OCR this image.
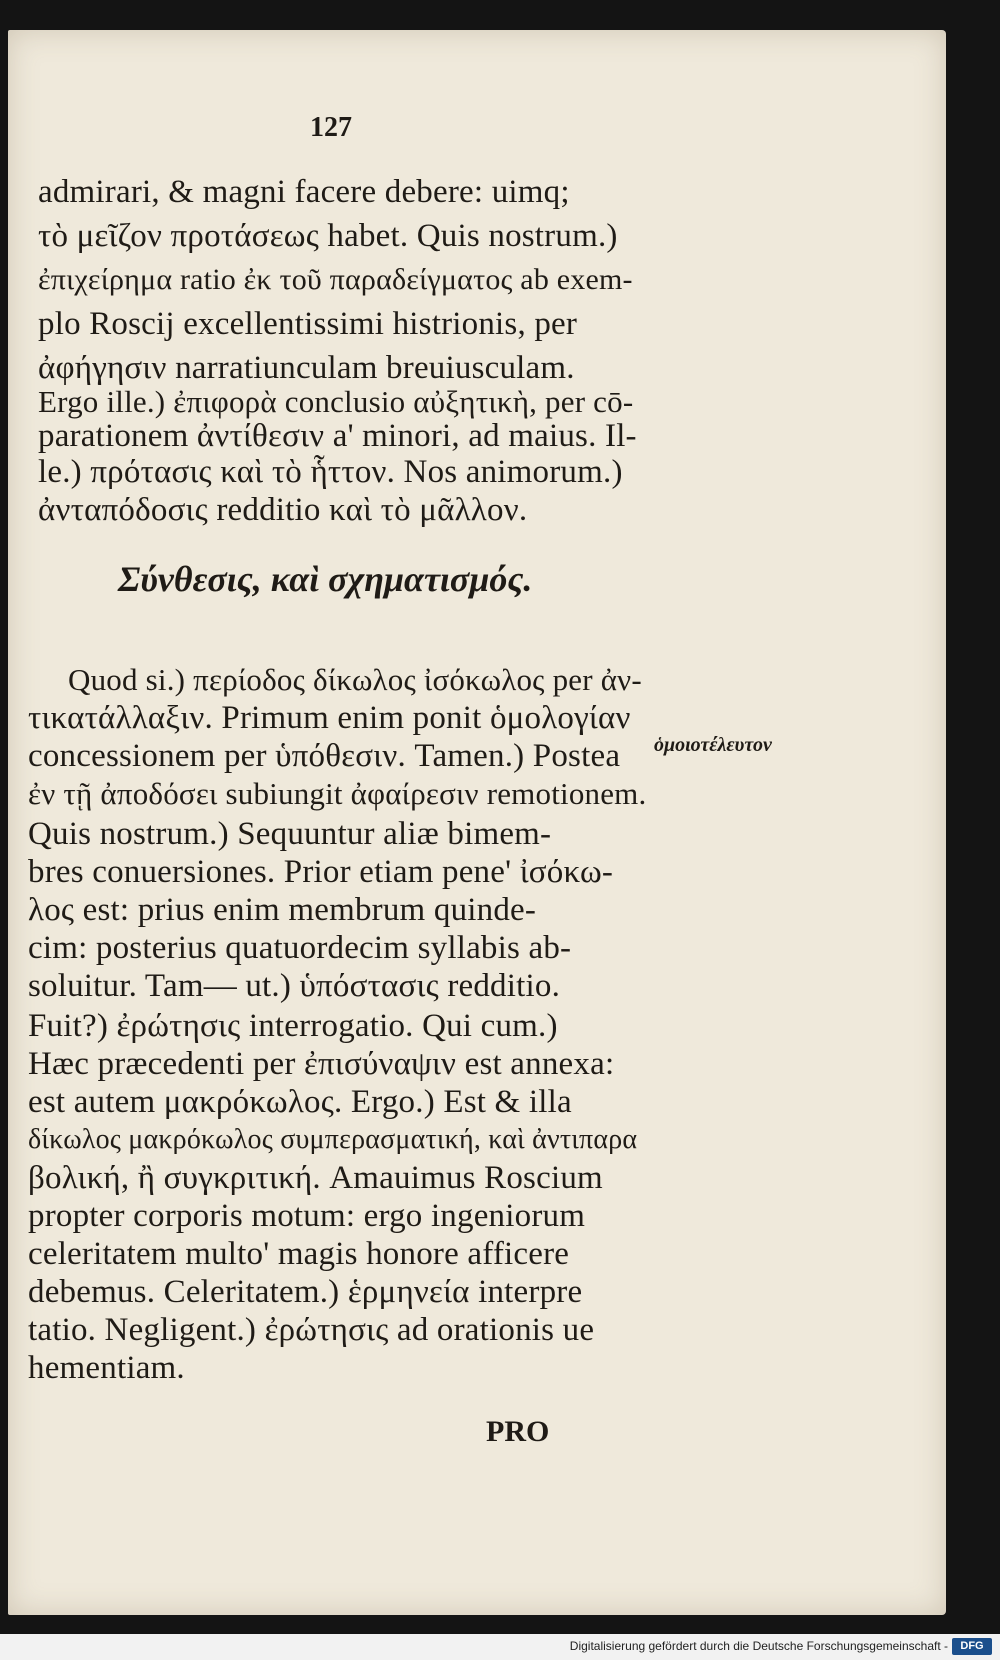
127
admirari, & magni facere debere: uimq;
τὸ μεῖζον προτάσεως habet. Quis nostrum.)
ἐπιχείρημα ratio ἐκ τοῦ παραδείγματος ab exem-
plo Roscij excellentissimi histrionis, per
ἀφήγησιν narratiunculam breuiusculam.
Ergo ille.) ἐπιφορὰ conclusio αὐξητικὴ, per cō-
parationem ἀντίθεσιν a' minori, ad maius. Il-
le.) πρότασις καὶ τὸ ἧττον. Nos animorum.)
ἀνταπόδοσις redditio καὶ τὸ μᾶλλον.
Σύνθεσις, καὶ σχηματισμός.
Quod si.) περίοδος δίκωλος ἰσόκωλος per ἀν-
τικατάλλαξιν. Primum enim ponit ὁμολογίαν
concessionem per ὑπόθεσιν. Tamen.) Postea
ἐν τῇ ἀποδόσει subiungit ἀφαίρεσιν remotionem.
Quis nostrum.) Sequuntur aliæ bimem-
bres conuersiones. Prior etiam pene' ἰσόκω-
λος est: prius enim membrum quinde-
cim: posterius quatuordecim syllabis ab-
soluitur. Tam— ut.) ὑπόστασις redditio.
Fuit?) ἐρώτησις interrogatio. Qui cum.)
Hæc præcedenti per ἐπισύναψιν est annexa:
est autem μακρόκωλος. Ergo.) Est & illa
δίκωλος μακρόκωλος συμπερασματική, καὶ ἀντιπαρα
βολική, ἢ συγκριτική. Amauimus Roscium
propter corporis motum: ergo ingeniorum
celeritatem multo' magis honore afficere
debemus. Celeritatem.) ἑρμηνεία interpre
tatio. Negligent.) ἐρώτησις ad orationis ue
hementiam.
ὁμοιοτέλευτον
PRO
Digitalisierung gefördert durch die Deutsche Forschungsgemeinschaft -	DFG
